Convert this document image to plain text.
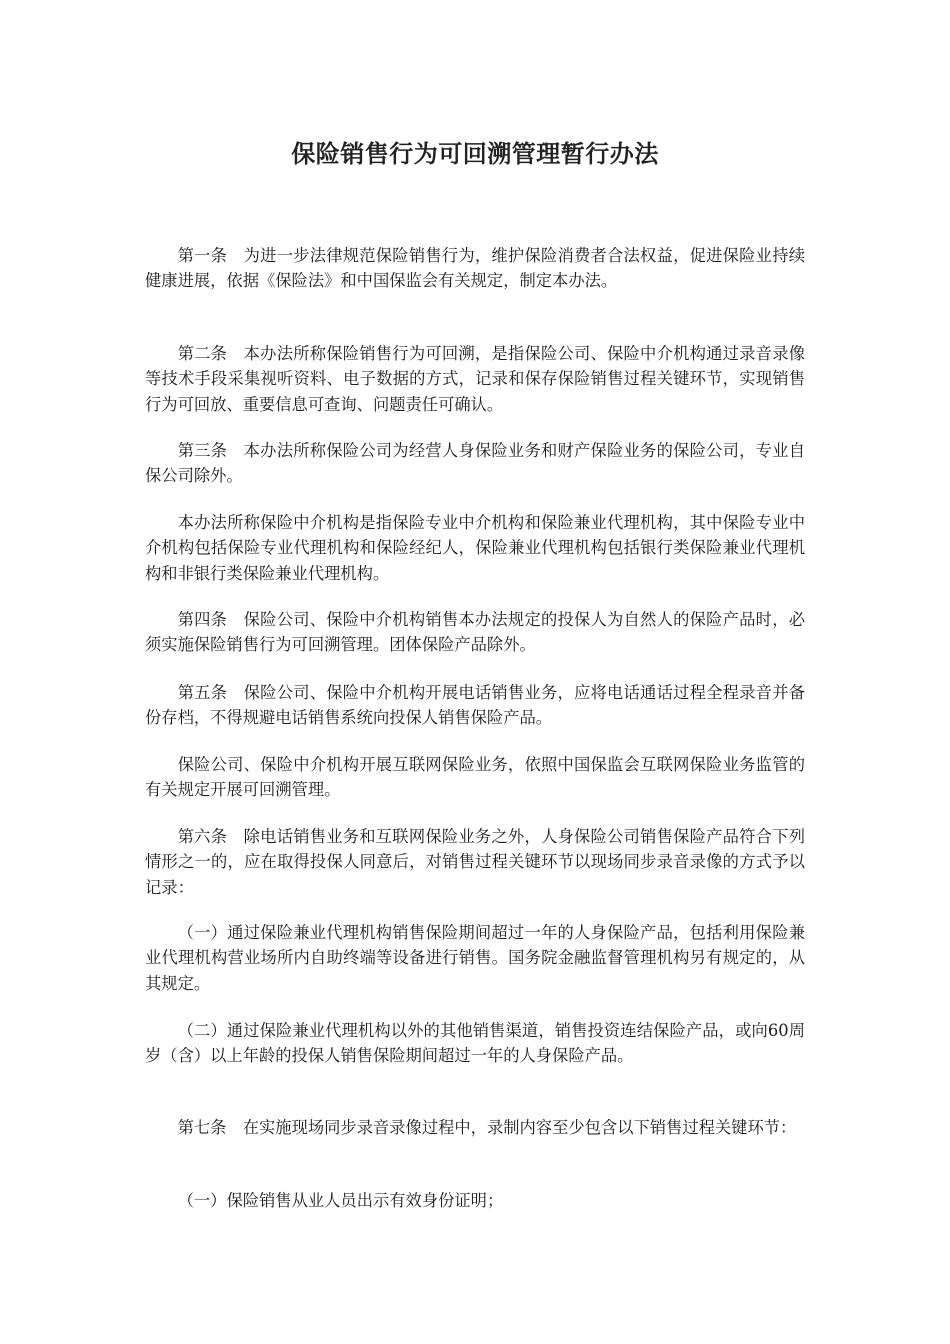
保险销售行为可回溯管理暂行办法

第一条　为进一步法律规范保险销售行为，维护保险消费者合法权益，促进保险业持续健康进展，依据《保险法》和中国保监会有关规定，制定本办法。

第二条　本办法所称保险销售行为可回溯，是指保险公司、保险中介机构通过录音录像等技术手段采集视听资料、电子数据的方式，记录和保存保险销售过程关键环节，实现销售行为可回放、重要信息可查询、问题责任可确认。

第三条　本办法所称保险公司为经营人身保险业务和财产保险业务的保险公司，专业自保公司除外。

本办法所称保险中介机构是指保险专业中介机构和保险兼业代理机构，其中保险专业中介机构包括保险专业代理机构和保险经纪人，保险兼业代理机构包括银行类保险兼业代理机构和非银行类保险兼业代理机构。

第四条　保险公司、保险中介机构销售本办法规定的投保人为自然人的保险产品时，必须实施保险销售行为可回溯管理。团体保险产品除外。

第五条　保险公司、保险中介机构开展电话销售业务，应将电话通话过程全程录音并备份存档，不得规避电话销售系统向投保人销售保险产品。

保险公司、保险中介机构开展互联网保险业务，依照中国保监会互联网保险业务监管的有关规定开展可回溯管理。

第六条　除电话销售业务和互联网保险业务之外，人身保险公司销售保险产品符合下列情形之一的，应在取得投保人同意后，对销售过程关键环节以现场同步录音录像的方式予以记录：

（一）通过保险兼业代理机构销售保险期间超过一年的人身保险产品，包括利用保险兼业代理机构营业场所内自助终端等设备进行销售。国务院金融监督管理机构另有规定的，从其规定。

（二）通过保险兼业代理机构以外的其他销售渠道，销售投资连结保险产品，或向60周岁（含）以上年龄的投保人销售保险期间超过一年的人身保险产品。

第七条　在实施现场同步录音录像过程中，录制内容至少包含以下销售过程关键环节：

（一）保险销售从业人员出示有效身份证明；
